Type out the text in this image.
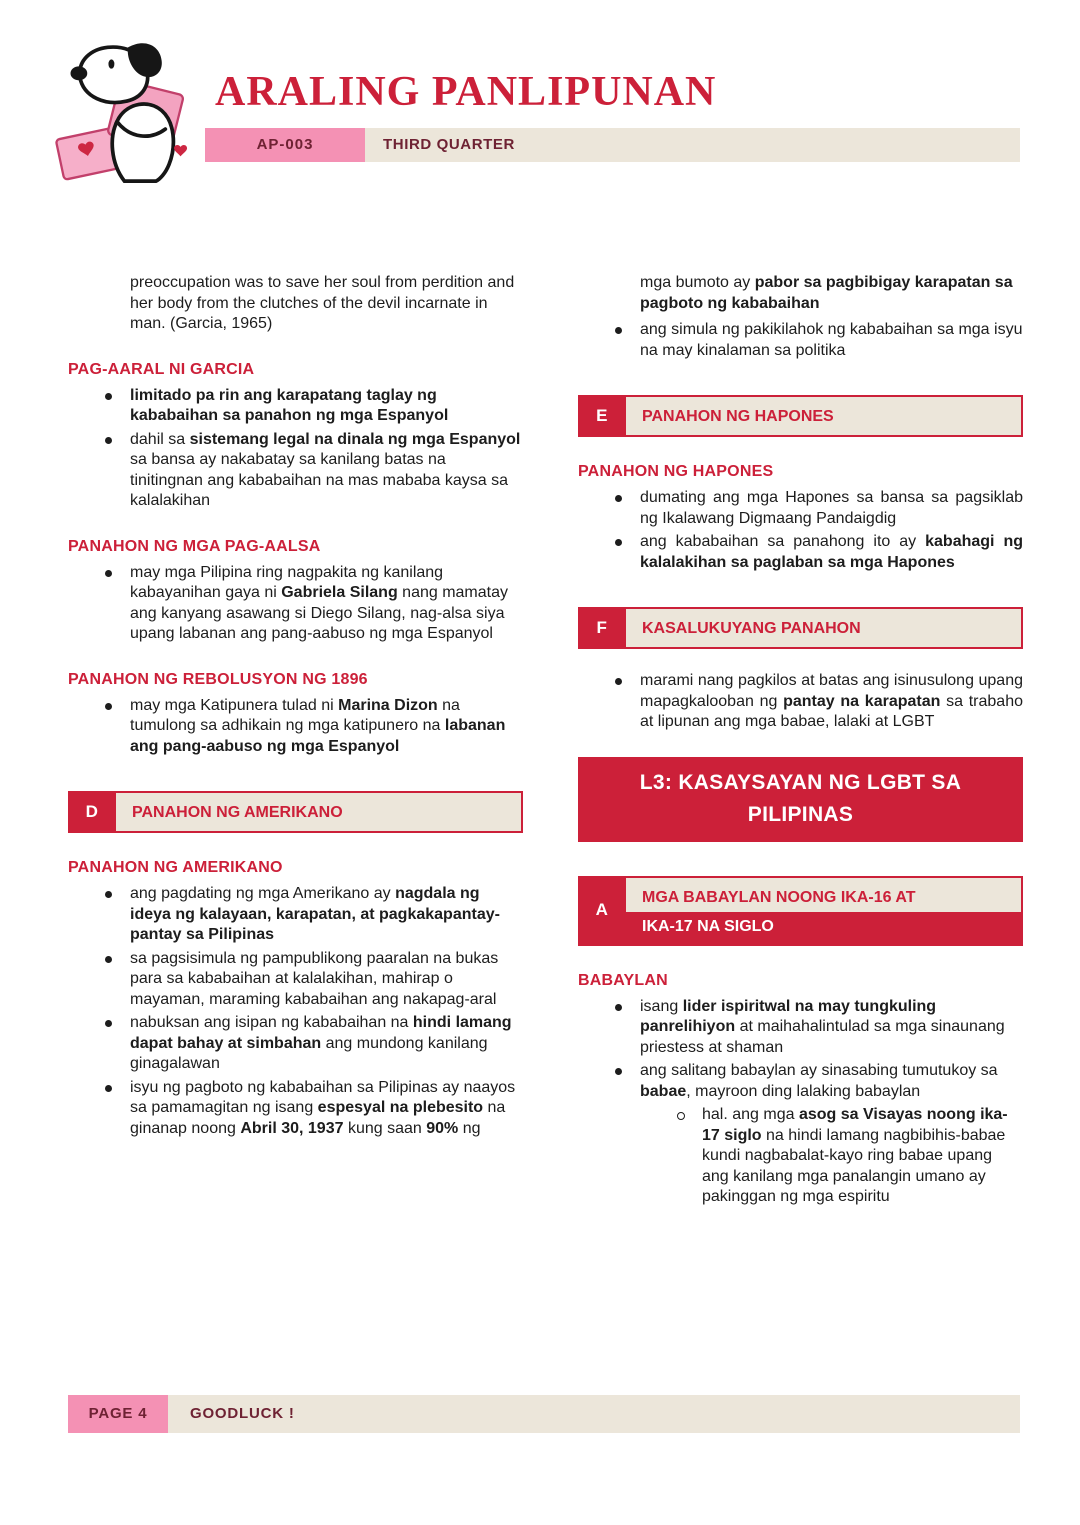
ARALING PANLIPUNAN
AP-003	THIRD QUARTER

preoccupation was to save her soul from perdition and her body from the clutches of the devil incarnate in man. (Garcia, 1965)

PAG-AARAL NI GARCIA
limitado pa rin ang karapatang taglay ng kababaihan sa panahon ng mga Espanyol
dahil sa sistemang legal na dinala ng mga Espanyol sa bansa ay nakabatay sa kanilang batas na tinitingnan ang kababaihan na mas mababa kaysa sa kalalakihan
PANAHON NG MGA PAG-AALSA
may mga Pilipina ring nagpakita ng kanilang kabayanihan gaya ni Gabriela Silang nang mamatay ang kanyang asawang si Diego Silang, nag-alsa siya upang labanan ang pang-aabuso ng mga Espanyol
PANAHON NG REBOLUSYON NG 1896
may mga Katipunera tulad ni Marina Dizon na tumulong sa adhikain ng mga katipunero na labanan ang pang-aabuso ng mga Espanyol
D	PANAHON NG AMERIKANO
PANAHON NG AMERIKANO
ang pagdating ng mga Amerikano ay nagdala ng ideya ng kalayaan, karapatan, at pagkakapantay-pantay sa Pilipinas
sa pagsisimula ng pampublikong paaralan na bukas para sa kababaihan at kalalakihan, mahirap o mayaman, maraming kababaihan ang nakapag-aral
nabuksan ang isipan ng kababaihan na hindi lamang dapat bahay at simbahan ang mundong kanilang ginagalawan
isyu ng pagboto ng kababaihan sa Pilipinas ay naayos sa pamamagitan ng isang espesyal na plebesito na ginanap noong Abril 30, 1937 kung saan 90% ng

mga bumoto ay pabor sa pagbibigay karapatan sa pagboto ng kababaihan

ang simula ng pakikilahok ng kababaihan sa mga isyu na may kinalaman sa politika
E	PANAHON NG HAPONES
PANAHON NG HAPONES
dumating ang mga Hapones sa bansa sa pagsiklab ng Ikalawang Digmaang Pandaigdig
ang kababaihan sa panahong ito ay kabahagi ng kalalakihan sa paglaban sa mga Hapones
F	KASALUKUYANG PANAHON
marami nang pagkilos at batas ang isinusulong upang mapagkalooban ng pantay na karapatan sa trabaho at lipunan ang mga babae, lalaki at LGBT
L3: KASAYSAYAN NG LGBT SA
PILIPINAS
A
MGA BABAYLAN NOONG IKA-16 AT
IKA-17 NA SIGLO
BABAYLAN
isang lider ispiritwal na may tungkuling panrelihiyon at maihahalintulad sa mga sinaunang priestess at shaman
ang salitang babaylan ay sinasabing tumutukoy sa babae, mayroon ding lalaking babaylan
hal. ang mga asog sa Visayas noong ika-17 siglo na hindi lamang nagbibihis-babae kundi nagbabalat-kayo ring babae upang ang kanilang mga panalangin umano ay pakinggan ng mga espiritu
PAGE 4	GOODLUCK !
